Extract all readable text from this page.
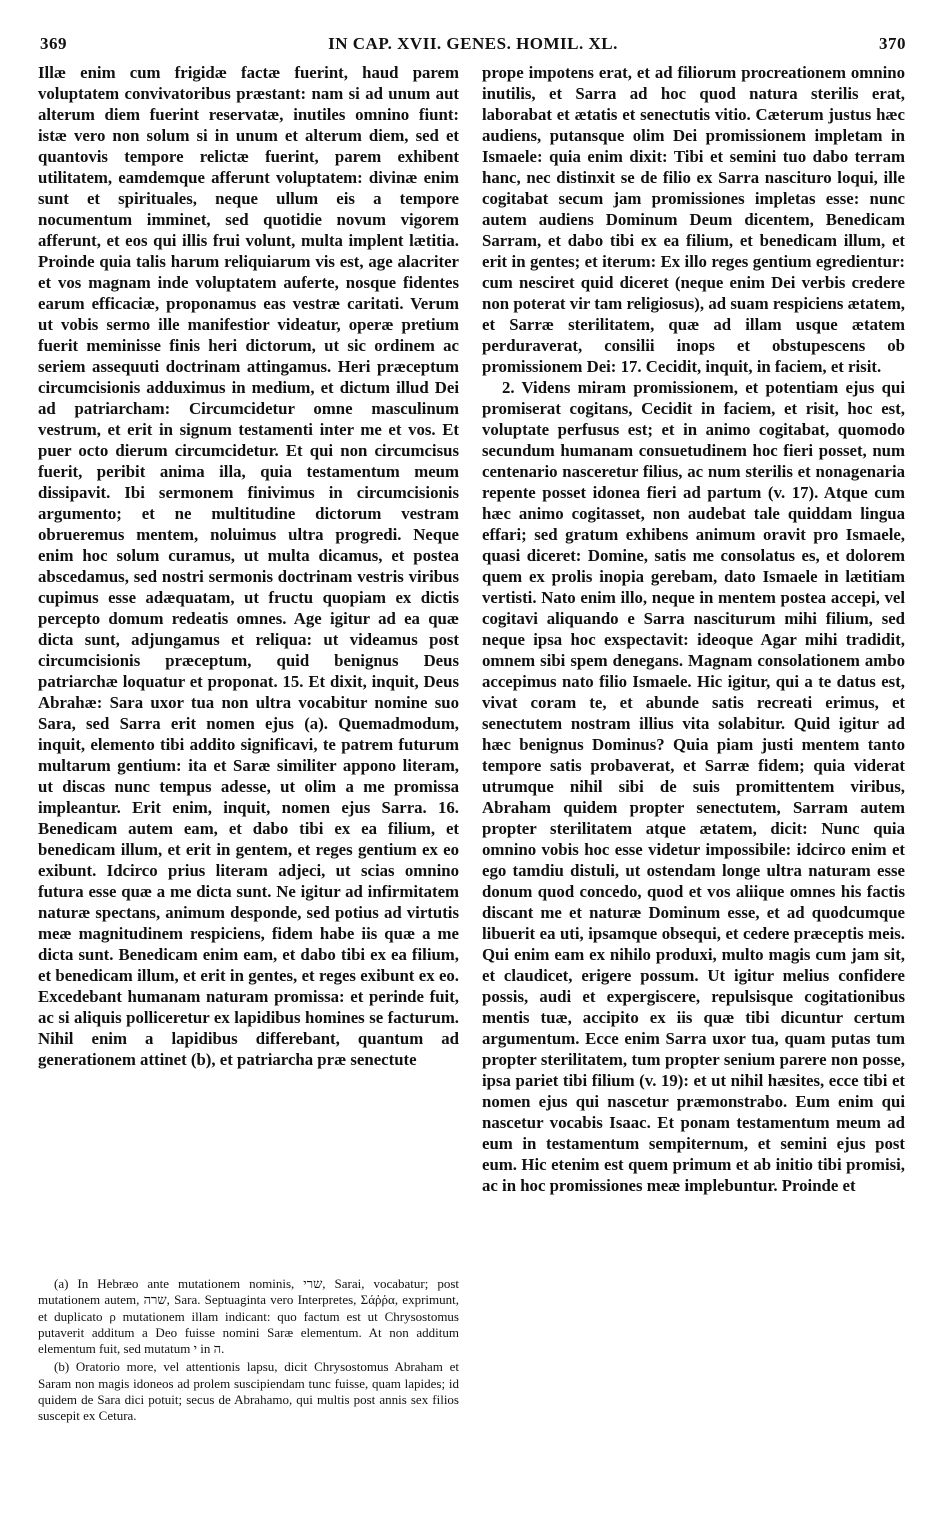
369	IN CAP. XVII. GENES. HOMIL. XL.	370

Illæ enim cum frigidæ factæ fuerint, haud parem voluptatem convivatoribus præstant: nam si ad unum aut alterum diem fuerint reservatæ, inutiles omnino fiunt: istæ vero non solum si in unum et alterum diem, sed et quantovis tempore relictæ fuerint, parem exhibent utilitatem, eamdemque afferunt voluptatem: divinæ enim sunt et spirituales, neque ullum eis a tempore nocumentum imminet, sed quotidie novum vigorem afferunt, et eos qui illis frui volunt, multa implent lætitia. Proinde quia talis harum reliquiarum vis est, age alacriter et vos magnam inde voluptatem auferte, nosque fidentes earum efficaciæ, proponamus eas vestræ caritati. Verum ut vobis sermo ille manifestior videatur, operæ pretium fuerit meminisse finis heri dictorum, ut sic ordinem ac seriem assequuti doctrinam attingamus. Heri præceptum circumcisionis adduximus in medium, et dictum illud Dei ad patriarcham: Circumcidetur omne masculinum vestrum, et erit in signum testamenti inter me et vos. Et puer octo dierum circumcidetur. Et qui non circumcisus fuerit, peribit anima illa, quia testamentum meum dissipavit. Ibi sermonem finivimus in circumcisionis argumento; et ne multitudine dictorum vestram obrueremus mentem, noluimus ultra progredi. Neque enim hoc solum curamus, ut multa dicamus, et postea abscedamus, sed nostri sermonis doctrinam vestris viribus cupimus esse adæquatam, ut fructu quopiam ex dictis percepto domum redeatis omnes. Age igitur ad ea quæ dicta sunt, adjungamus et reliqua: ut videamus post circumcisionis præceptum, quid benignus Deus patriarchæ loquatur et proponat. 15. Et dixit, inquit, Deus Abrahæ: Sara uxor tua non ultra vocabitur nomine suo Sara, sed Sarra erit nomen ejus (a). Quemadmodum, inquit, elemento tibi addito significavi, te patrem futurum multarum gentium: ita et Saræ similiter appono literam, ut discas nunc tempus adesse, ut olim a me promissa impleantur. Erit enim, inquit, nomen ejus Sarra. 16. Benedicam autem eam, et dabo tibi ex ea filium, et benedicam illum, et erit in gentem, et reges gentium ex eo exibunt. Idcirco prius literam adjeci, ut scias omnino futura esse quæ a me dicta sunt. Ne igitur ad infirmitatem naturæ spectans, animum desponde, sed potius ad virtutis meæ magnitudinem respiciens, fidem habe iis quæ a me dicta sunt. Benedicam enim eam, et dabo tibi ex ea filium, et benedicam illum, et erit in gentes, et reges exibunt ex eo. Excedebant humanam naturam promissa: et perinde fuit, ac si aliquis polliceretur ex lapidibus homines se facturum. Nihil enim a lapidibus differebant, quantum ad generationem attinet (b), et patriarcha præ senectute

prope impotens erat, et ad filiorum procreationem omnino inutilis, et Sarra ad hoc quod natura sterilis erat, laborabat et ætatis et senectutis vitio. Cæterum justus hæc audiens, putansque olim Dei promissionem impletam in Ismaele: quia enim dixit: Tibi et semini tuo dabo terram hanc, nec distinxit se de filio ex Sarra nascituro loqui, ille cogitabat secum jam promissiones impletas esse: nunc autem audiens Dominum Deum dicentem, Benedicam Sarram, et dabo tibi ex ea filium, et benedicam illum, et erit in gentes; et iterum: Ex illo reges gentium egredientur: cum nesciret quid diceret (neque enim Dei verbis credere non poterat vir tam religiosus), ad suam respiciens ætatem, et Sarræ sterilitatem, quæ ad illam usque ætatem perduraverat, consilii inops et obstupescens ob promissionem Dei: 17. Cecidit, inquit, in faciem, et risit.

2. Videns miram promissionem, et potentiam ejus qui promiserat cogitans, Cecidit in faciem, et risit, hoc est, voluptate perfusus est; et in animo cogitabat, quomodo secundum humanam consuetudinem hoc fieri posset, num centenario nasceretur filius, ac num sterilis et nonagenaria repente posset idonea fieri ad partum (v. 17). Atque cum hæc animo cogitasset, non audebat tale quiddam lingua effari; sed gratum exhibens animum oravit pro Ismaele, quasi diceret: Domine, satis me consolatus es, et dolorem quem ex prolis inopia gerebam, dato Ismaele in lætitiam vertisti. Nato enim illo, neque in mentem postea accepi, vel cogitavi aliquando e Sarra nasciturum mihi filium, sed neque ipsa hoc exspectavit: ideoque Agar mihi tradidit, omnem sibi spem denegans. Magnam consolationem ambo accepimus nato filio Ismaele. Hic igitur, qui a te datus est, vivat coram te, et abunde satis recreati erimus, et senectutem nostram illius vita solabitur. Quid igitur ad hæc benignus Dominus? Quia piam justi mentem tanto tempore satis probaverat, et Sarræ fidem; quia viderat utrumque nihil sibi de suis promittentem viribus, Abraham quidem propter senectutem, Sarram autem propter sterilitatem atque ætatem, dicit: Nunc quia omnino vobis hoc esse videtur impossibile: idcirco enim et ego tamdiu distuli, ut ostendam longe ultra naturam esse donum quod concedo, quod et vos aliique omnes his factis discant me et naturæ Dominum esse, et ad quodcumque libuerit ea uti, ipsamque obsequi, et cedere præceptis meis. Qui enim eam ex nihilo produxi, multo magis cum jam sit, et claudicet, erigere possum. Ut igitur melius confidere possis, audi et expergiscere, repulsisque cogitationibus mentis tuæ, accipito ex iis quæ tibi dicuntur certum argumentum. Ecce enim Sarra uxor tua, quam putas tum propter sterilitatem, tum propter senium parere non posse, ipsa pariet tibi filium (v. 19): et ut nihil hæsites, ecce tibi et nomen ejus qui nascetur præmonstrabo. Eum enim qui nascetur vocabis Isaac. Et ponam testamentum meum ad eum in testamentum sempiternum, et semini ejus post eum. Hic etenim est quem primum et ab initio tibi promisi, ac in hoc promissiones meæ implebuntur. Proinde et

(a) In Hebræo ante mutationem nominis, שרי, Sarai, vocabatur; post mutationem autem, שרה, Sara. Septuaginta vero Interpretes, Σάῤῥα, exprimunt, et duplicato ρ mutationem illam indicant: quo factum est ut Chrysostomus putaverit additum a Deo fuisse nomini Saræ elementum. At non additum elementum fuit, sed mutatum י in ה.

(b) Oratorio more, vel attentionis lapsu, dicit Chrysostomus Abraham et Saram non magis idoneos ad prolem suscipiendam tunc fuisse, quam lapides; id quidem de Sara dici potuit; secus de Abrahamo, qui multis post annis sex filios suscepit ex Cetura.
